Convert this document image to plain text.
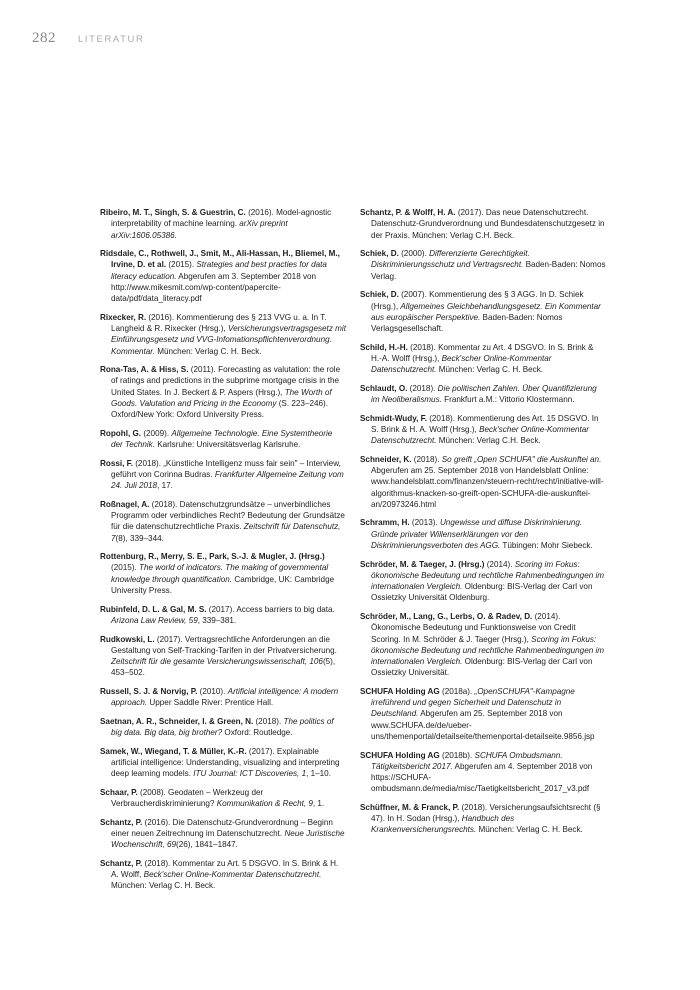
282 LITERATUR

Ribeiro, M. T., Singh, S. & Guestrin, C. (2016). Model-agnostic interpretability of machine learning. arXiv preprint arXiv:1606.05386.

Ridsdale, C., Rothwell, J., Smit, M., Ali-Hassan, H., Bliemel, M., Irvine, D. et al. (2015). Strategies and best practies for data literacy education. Abgerufen am 3. September 2018 von http://www.mikesmit.com/wp-content/papercite-data/pdf/data_literacy.pdf

Rixecker, R. (2016). Kommentierung des § 213 VVG u. a. In T. Langheid & R. Rixecker (Hrsg.), Versicherungsvertragsgesetz mit Einführungsgesetz und VVG-Infomationspflichtenverordnung. Kommentar. München: Verlag C. H. Beck.

Rona-Tas, A. & Hiss, S. (2011). Forecasting as valutation: the role of ratings and predictions in the subprime mortgage crisis in the United States. In J. Beckert & P. Aspers (Hrsg.), The Worth of Goods. Valutation and Pricing in the Economy (S. 223–246). Oxford/New York: Oxford University Press.

Ropohl, G. (2009). Allgemeine Technologie. Eine Systemtheorie der Technik. Karlsruhe: Universitätsverlag Karlsruhe.

Rossi, F. (2018). „Künstliche Intelligenz muss fair sein" – Interview, geführt von Corinna Budras. Frankfurter Allgemeine Zeitung vom 24. Juli 2018, 17.

Roßnagel, A. (2018). Datenschutzgrundsätze – unverbindliches Programm oder verbindliches Recht? Bedeutung der Grundsätze für die datenschutzrechtliche Praxis. Zeitschrift für Datenschutz, 7(8), 339–344.

Rottenburg, R., Merry, S. E., Park, S.-J. & Mugler, J. (Hrsg.) (2015). The world of indicators. The making of governmental knowledge through quantification. Cambridge, UK: Cambridge University Press.

Rubinfeld, D. L. & Gal, M. S. (2017). Access barriers to big data. Arizona Law Review, 59, 339–381.

Rudkowski, L. (2017). Vertragsrechtliche Anforderungen an die Gestaltung von Self-Tracking-Tarifen in der Privatversicherung. Zeitschrift für die gesamte Versicherungswissenschaft, 106(5), 453–502.

Russell, S. J. & Norvig, P. (2010). Artificial intelligence: A modern approach. Upper Saddle River: Prentice Hall.

Saetnan, A. R., Schneider, I. & Green, N. (2018). The politics of big data. Big data, big brother? Oxford: Routledge.

Samek, W., Wiegand, T. & Müller, K.-R. (2017). Explainable artificial intelligence: Understanding, visualizing and interpreting deep learning models. ITU Journal: ICT Discoveries, 1, 1–10.

Schaar, P. (2008). Geodaten – Werkzeug der Verbraucherdiskriminierung? Kommunikation & Recht, 9, 1.

Schantz, P. (2016). Die Datenschutz-Grundverordnung – Beginn einer neuen Zeitrechnung im Datenschutzrecht. Neue Juristische Wochenschrift, 69(26), 1841–1847.

Schantz, P. (2018). Kommentar zu Art. 5 DSGVO. In S. Brink & H. A. Wolff, Beck'scher Online-Kommentar Datenschutzrecht. München: Verlag C. H. Beck.

Schantz, P. & Wolff, H. A. (2017). Das neue Datenschutzrecht. Datenschutz-Grundverordnung und Bundesdatenschutzgesetz in der Praxis. München: Verlag C.H. Beck.

Schiek, D. (2000). Differenzierte Gerechtigkeit. Diskriminierungsschutz und Vertragsrecht. Baden-Baden: Nomos Verlag.

Schiek, D. (2007). Kommentierung des § 3 AGG. In D. Schiek (Hrsg.), Allgemeines Gleichbehandlungsgesetz. Ein Kommentar aus europäischer Perspektive. Baden-Baden: Nomos Verlagsgesellschaft.

Schild, H.-H. (2018). Kommentar zu Art. 4 DSGVO. In S. Brink & H.-A. Wolff (Hrsg.), Beck'scher Online-Kommentar Datenschutzrecht. München: Verlag C. H. Beck.

Schlaudt, O. (2018). Die politischen Zahlen. Über Quantifizierung im Neoliberalismus. Frankfurt a.M.: Vittorio Klostermann.

Schmidt-Wudy, F. (2018). Kommentierung des Art. 15 DSGVO. In S. Brink & H. A. Wolff (Hrsg.), Beck'scher Online-Kommentar Datenschutzrecht. München: Verlag C.H. Beck.

Schneider, K. (2018). So greift „Open SCHUFA" die Auskunftei an. Abgerufen am 25. September 2018 von Handelsblatt Online: www.handelsblatt.com/finanzen/steuern-recht/recht/initiative-will-algorithmus-knacken-so-greift-open-SCHUFA-die-auskunftei-an/20973246.html

Schramm, H. (2013). Ungewisse und diffuse Diskriminierung. Gründe privater Willenserklärungen vor den Diskriminierungsverboten des AGG. Tübingen: Mohr Siebeck.

Schröder, M. & Taeger, J. (Hrsg.) (2014). Scoring im Fokus: ökonomische Bedeutung und rechtliche Rahmenbedingungen im internationalen Vergleich. Oldenburg: BIS-Verlag der Carl von Ossietzky Universität Oldenburg.

Schröder, M., Lang, G., Lerbs, O. & Radev, D. (2014). Ökonomische Bedeutung und Funktionsweise von Credit Scoring. In M. Schröder & J. Taeger (Hrsg.), Scoring im Fokus: ökonomische Bedeutung und rechtliche Rahmenbedingungen im internationalen Vergleich. Oldenburg: BIS-Verlag der Carl von Ossietzky Universität.

SCHUFA Holding AG (2018a). „OpenSCHUFA"-Kampagne irreführend und gegen Sicherheit und Datenschutz in Deutschland. Abgerufen am 25. September 2018 von www.SCHUFA.de/de/ueber-uns/themenportal/detailseite/themenportal-detailseite.9856.jsp

SCHUFA Holding AG (2018b). SCHUFA Ombudsmann. Tätigkeitsbericht 2017. Abgerufen am 4. September 2018 von https://SCHUFA-ombudsmann.de/media/misc/Taetigkeitsbericht_2017_v3.pdf

Schüffner, M. & Franck, P. (2018). Versicherungsaufsichtsrecht (§ 47). In H. Sodan (Hrsg.), Handbuch des Krankenversicherungsrechts. München: Verlag C. H. Beck.
